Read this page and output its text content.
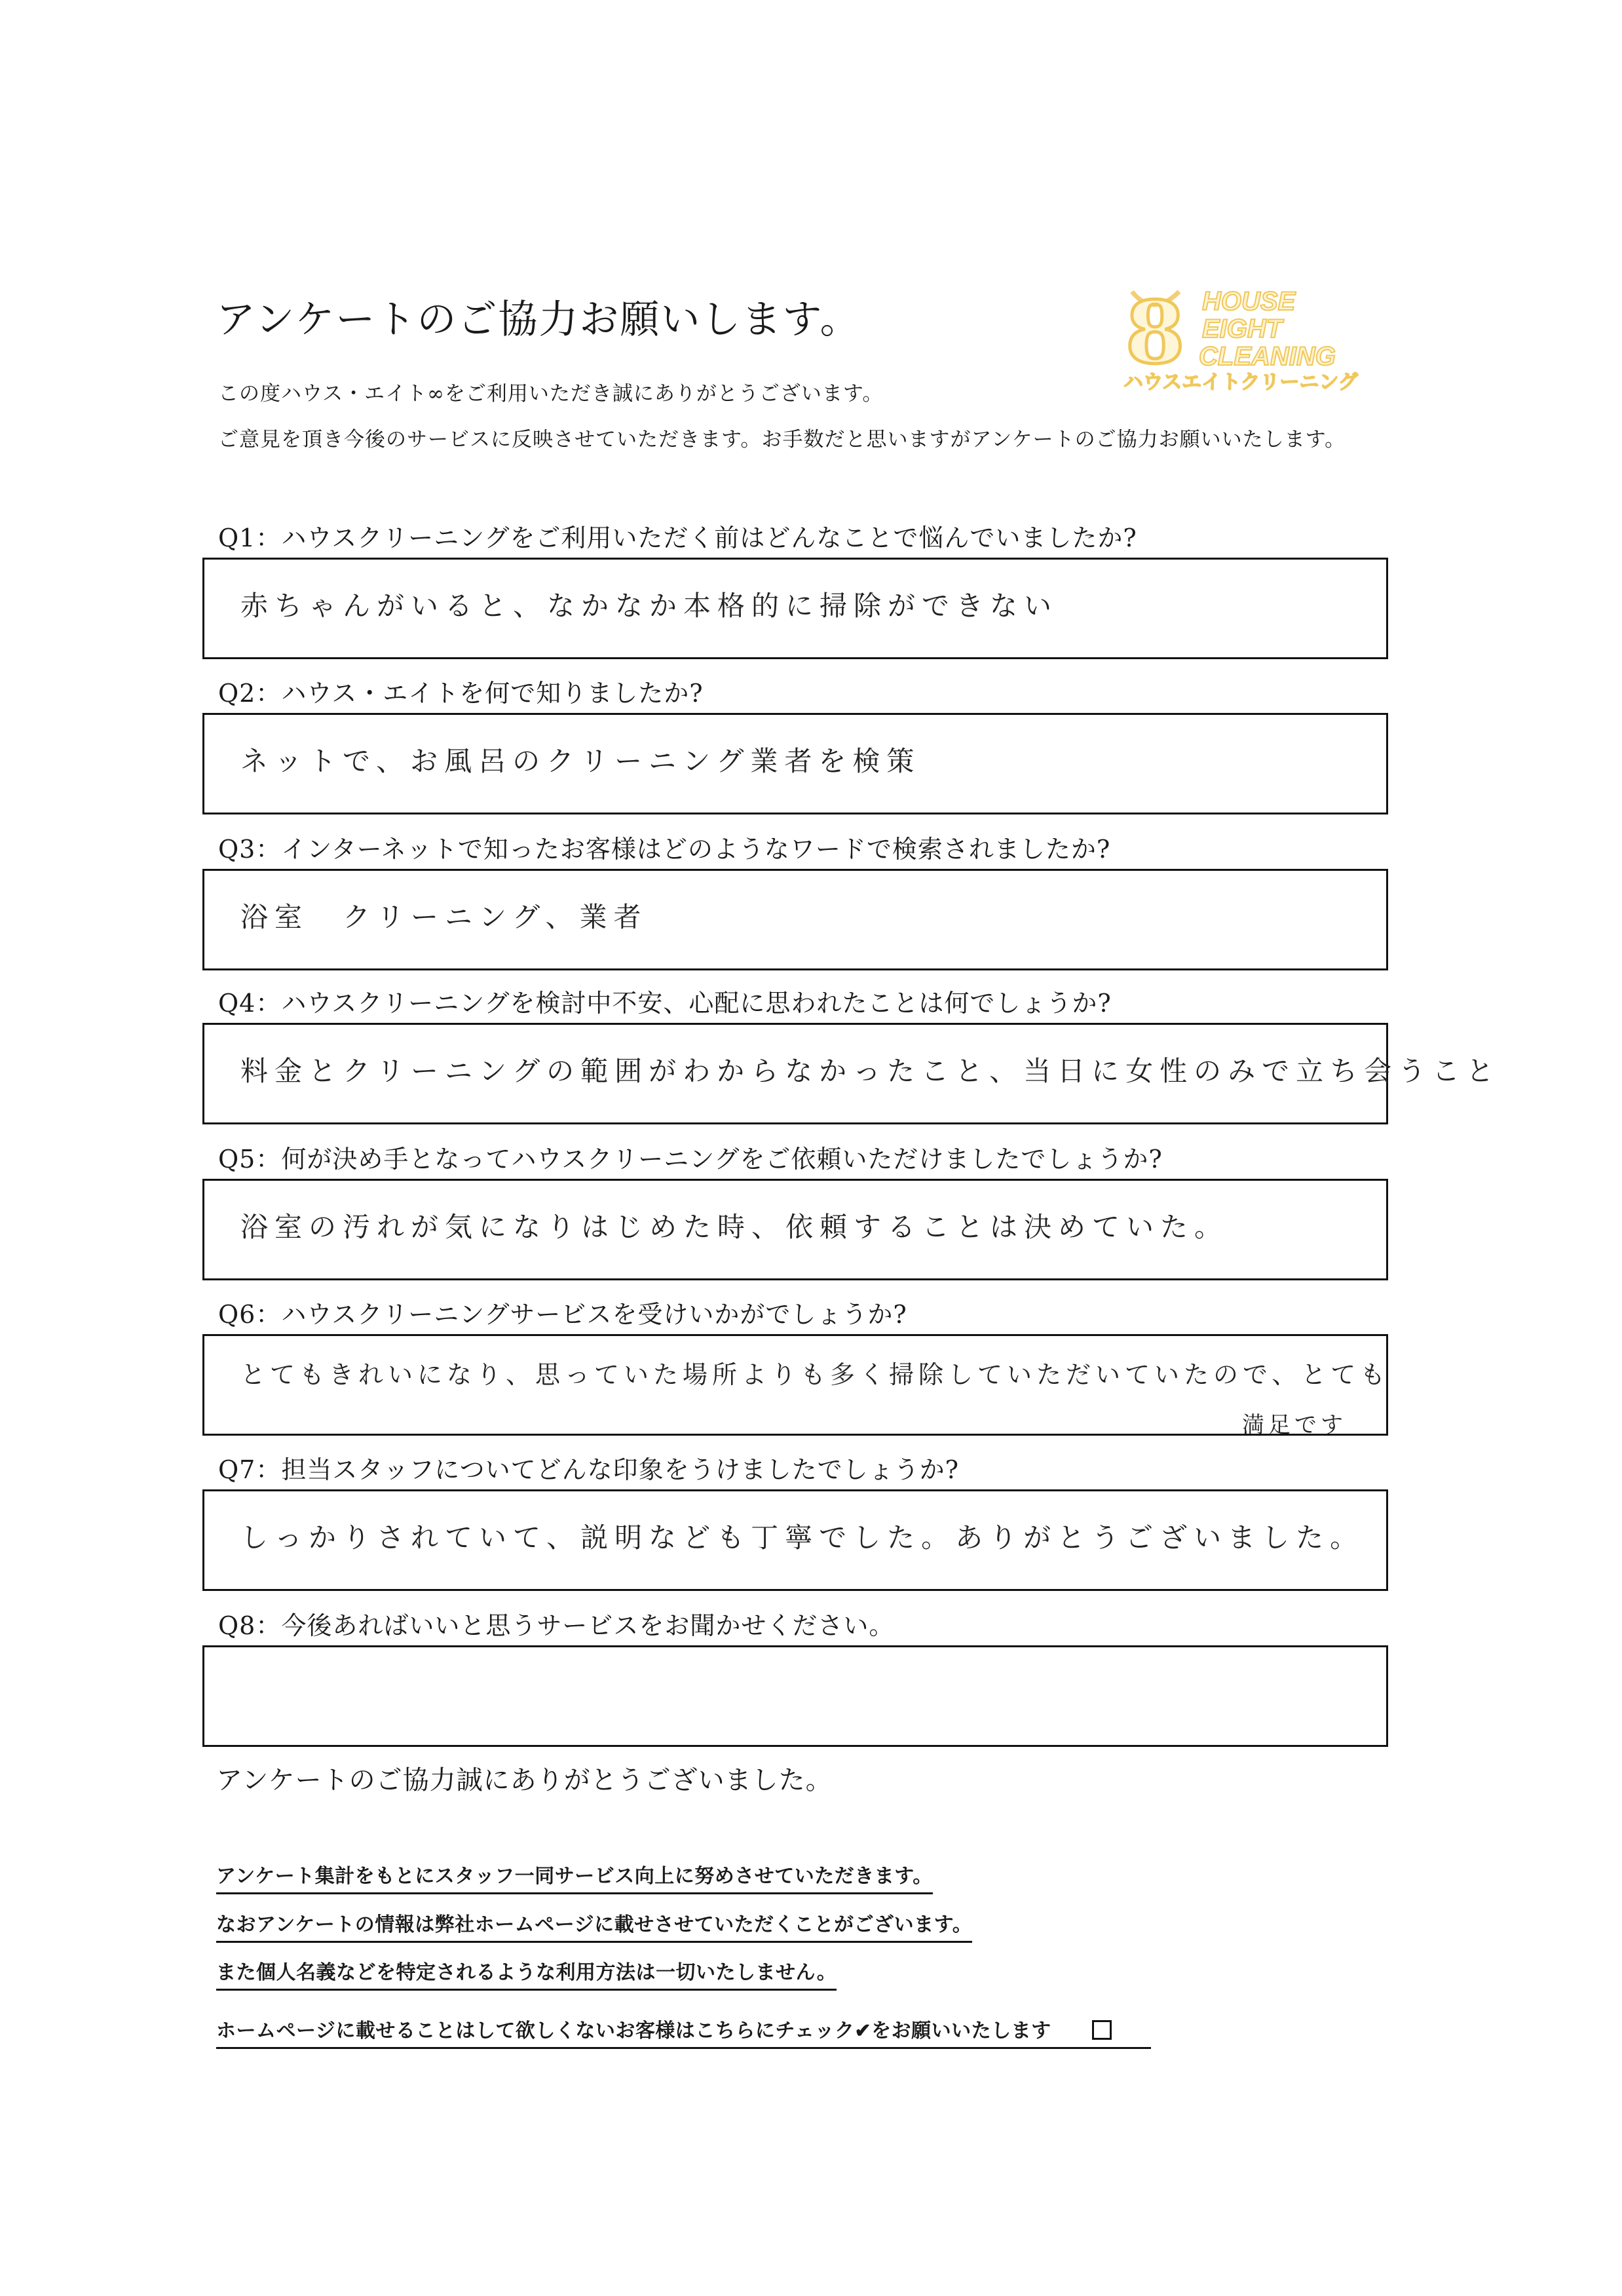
アンケートのご協力お願いします。
この度ハウス・エイト∞をご利用いただき誠にありがとうございます。
ご意見を頂き今後のサービスに反映させていただきます。お手数だと思いますがアンケートのご協力お願いいたします。
8 HOUSE
EIGHT
CLEANING
ハウスエイトクリーニング
Q1：ハウスクリーニングをご利用いただく前はどんなことで悩んでいましたか?
赤ちゃんがいると、なかなか本格的に掃除ができない
Q2：ハウス・エイトを何で知りましたか?
ネットで、お風呂のクリーニング業者を検策
Q3：インターネットで知ったお客様はどのようなワードで検索されましたか?
浴室　クリーニング、業者
Q4：ハウスクリーニングを検討中不安、心配に思われたことは何でしょうか?
料金とクリーニングの範囲がわからなかったこと、当日に女性のみで立ち会うこと
Q5：何が決め手となってハウスクリーニングをご依頼いただけましたでしょうか?
浴室の汚れが気になりはじめた時、依頼することは決めていた。
Q6：ハウスクリーニングサービスを受けいかがでしょうか?
とてもきれいになり、思っていた場所よりも多く掃除していただいていたので、とても
満足です
Q7：担当スタッフについてどんな印象をうけましたでしょうか?
しっかりされていて、説明なども丁寧でした。ありがとうございました。
Q8：今後あればいいと思うサービスをお聞かせください。
アンケートのご協力誠にありがとうございました。
アンケート集計をもとにスタッフ一同サービス向上に努めさせていただきます。
なおアンケートの情報は弊社ホームページに載せさせていただくことがございます。
また個人名義などを特定されるような利用方法は一切いたしません。
ホームページに載せることはして欲しくないお客様はこちらにチェック✔をお願いいたします
